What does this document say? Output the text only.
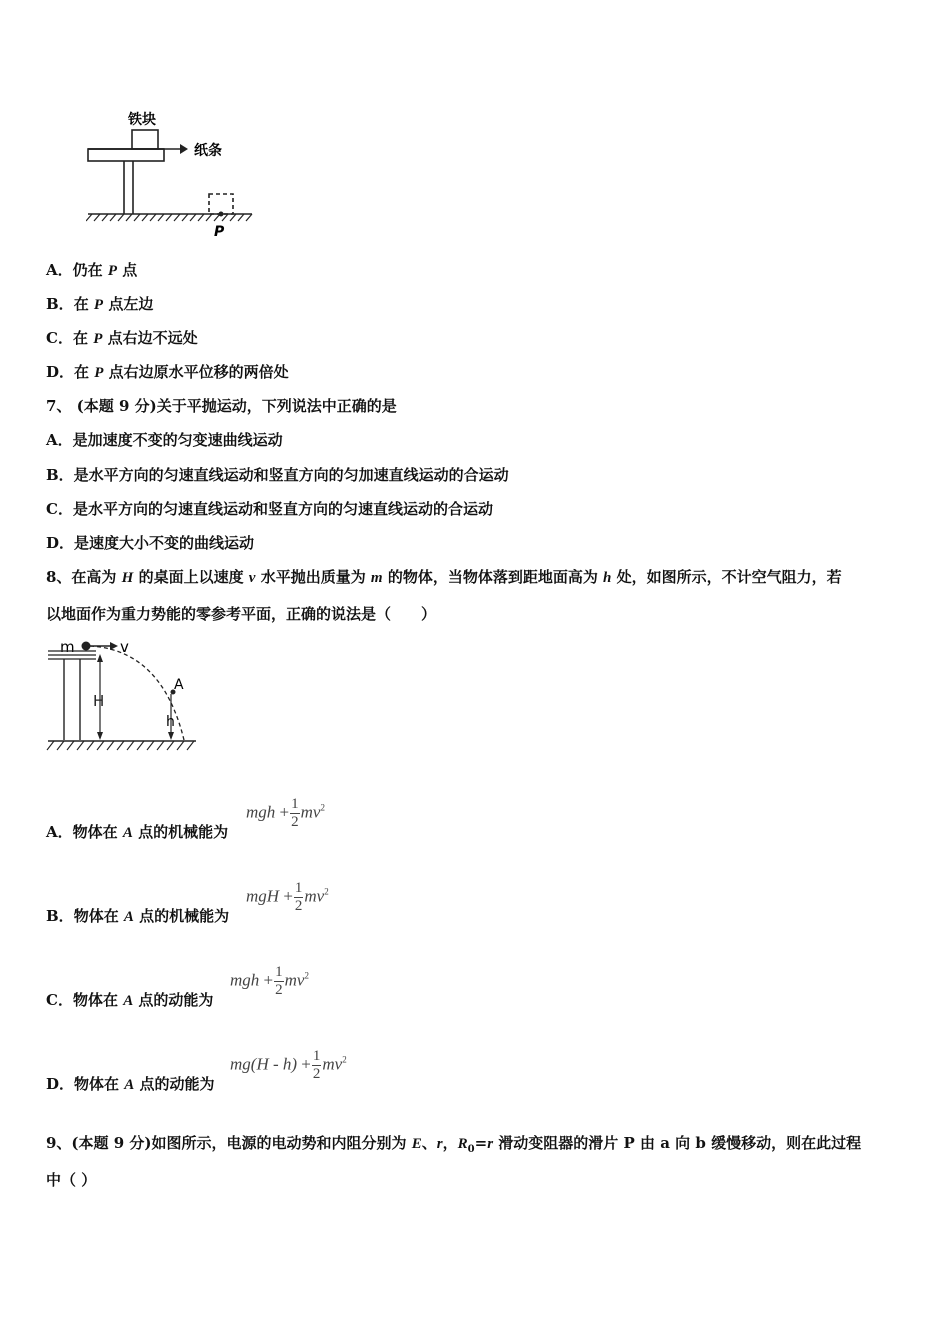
铁块
纸条
P
A．仍在 P 点
B．在 P 点左边
C．在 P 点右边不远处
D．在 P 点右边原水平位移的两倍处
7、 (本题 9 分)关于平抛运动，下列说法中正确的是
A．是加速度不变的匀变速曲线运动
B．是水平方向的匀速直线运动和竖直方向的匀加速直线运动的合运动
C．是水平方向的匀速直线运动和竖直方向的匀速直线运动的合运动
D．是速度大小不变的曲线运动
8、在高为 H 的桌面上以速度 v 水平抛出质量为 m 的物体，当物体落到距地面高为 h 处，如图所示，不计空气阻力，若
以地面作为重力势能的零参考平面，正确的说法是（　　）
m	v
H
A
h
A．物体在 A 点的机械能为
mgh + $\frac{1}{2} mv^2$
B．物体在 A 点的机械能为
mgH + $\frac{1}{2} mv^2$
C．物体在 A 点的动能为
mgh + $\frac{1}{2} mv^2$
D．物体在 A 点的动能为
$mg(H - h) + \frac{1}{2} mv^2$
9、(本题 9 分)如图所示，电源的电动势和内阻分别为 E、r，$R_0=r$ 滑动变阻器的滑片 P 由 a 向 b 缓慢移动，则在此过程
中（ ）
